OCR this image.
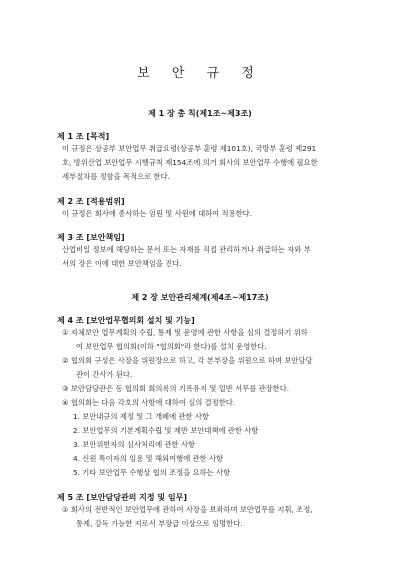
보 안 규 정
제 1 장 총 칙(제1조~제3조)
제 1 조 [목적]
이 규정은 상공부 보안업무 취급요령(상공부 훈령 제101호), 국방부 훈령 제291
호, 방위산업 보안업무 시행규칙 제154조에 의거 회사의 보안업무 수행에 필요한
세부절차를 정함을 목적으로 한다.
제 2 조 [적용범위]
이 규정은 회사에 종사하는 임원 및 사원에 대하여 적용한다.
제 3 조 [보안책임]
산업비밀 정보에 해당하는 문서 또는 자재를 직접 관리하거나 취급하는 자와 부
서의 장은 이에 대한 보안책임을 진다.
제 2 장 보안관리체계(제4조~제17조)
제 4 조 [보안업무협의회 설치 및 기능]
① 자체보안 업무계획의 수립, 통제 및 운영에 관한 사항을 심의 결정하기 위하
여 보안업무 협의회(이하 "협의회"라 한다)를 설치 운영한다.
② 협의회 구성은 사장을 위원장으로 하고, 각 본부장을 위원으로 하며 보안담당
관이 간사가 된다.
③ 보안담당관은 동 협의회 회의록의 기록유지 및 일반 서무를 관장한다.
④ 협의회는 다음 각호의 사항에 대하여 심의 결정한다.
1. 보안내규의 제정 및 그 개폐에 관한 사항
2. 보안업무의 기본계획수립 및 제반 보안대책에 관한 사항
3. 보안위반자의 심사처리에 관한 사항
4. 신원 특이자의 임용 및 해외여행에 관한 사항
5. 기타 보안업무 수행상 협의 조정을 요하는 사항
제 5 조 [보안담당관의 지정 및 임무]
① 회사의 전반적인 보안업무에 관하여 사장을 보좌하며 보안업무를 지휘, 조정,
통제, 감독 가능한 지로서 부장급 이상으로 임명한다.
